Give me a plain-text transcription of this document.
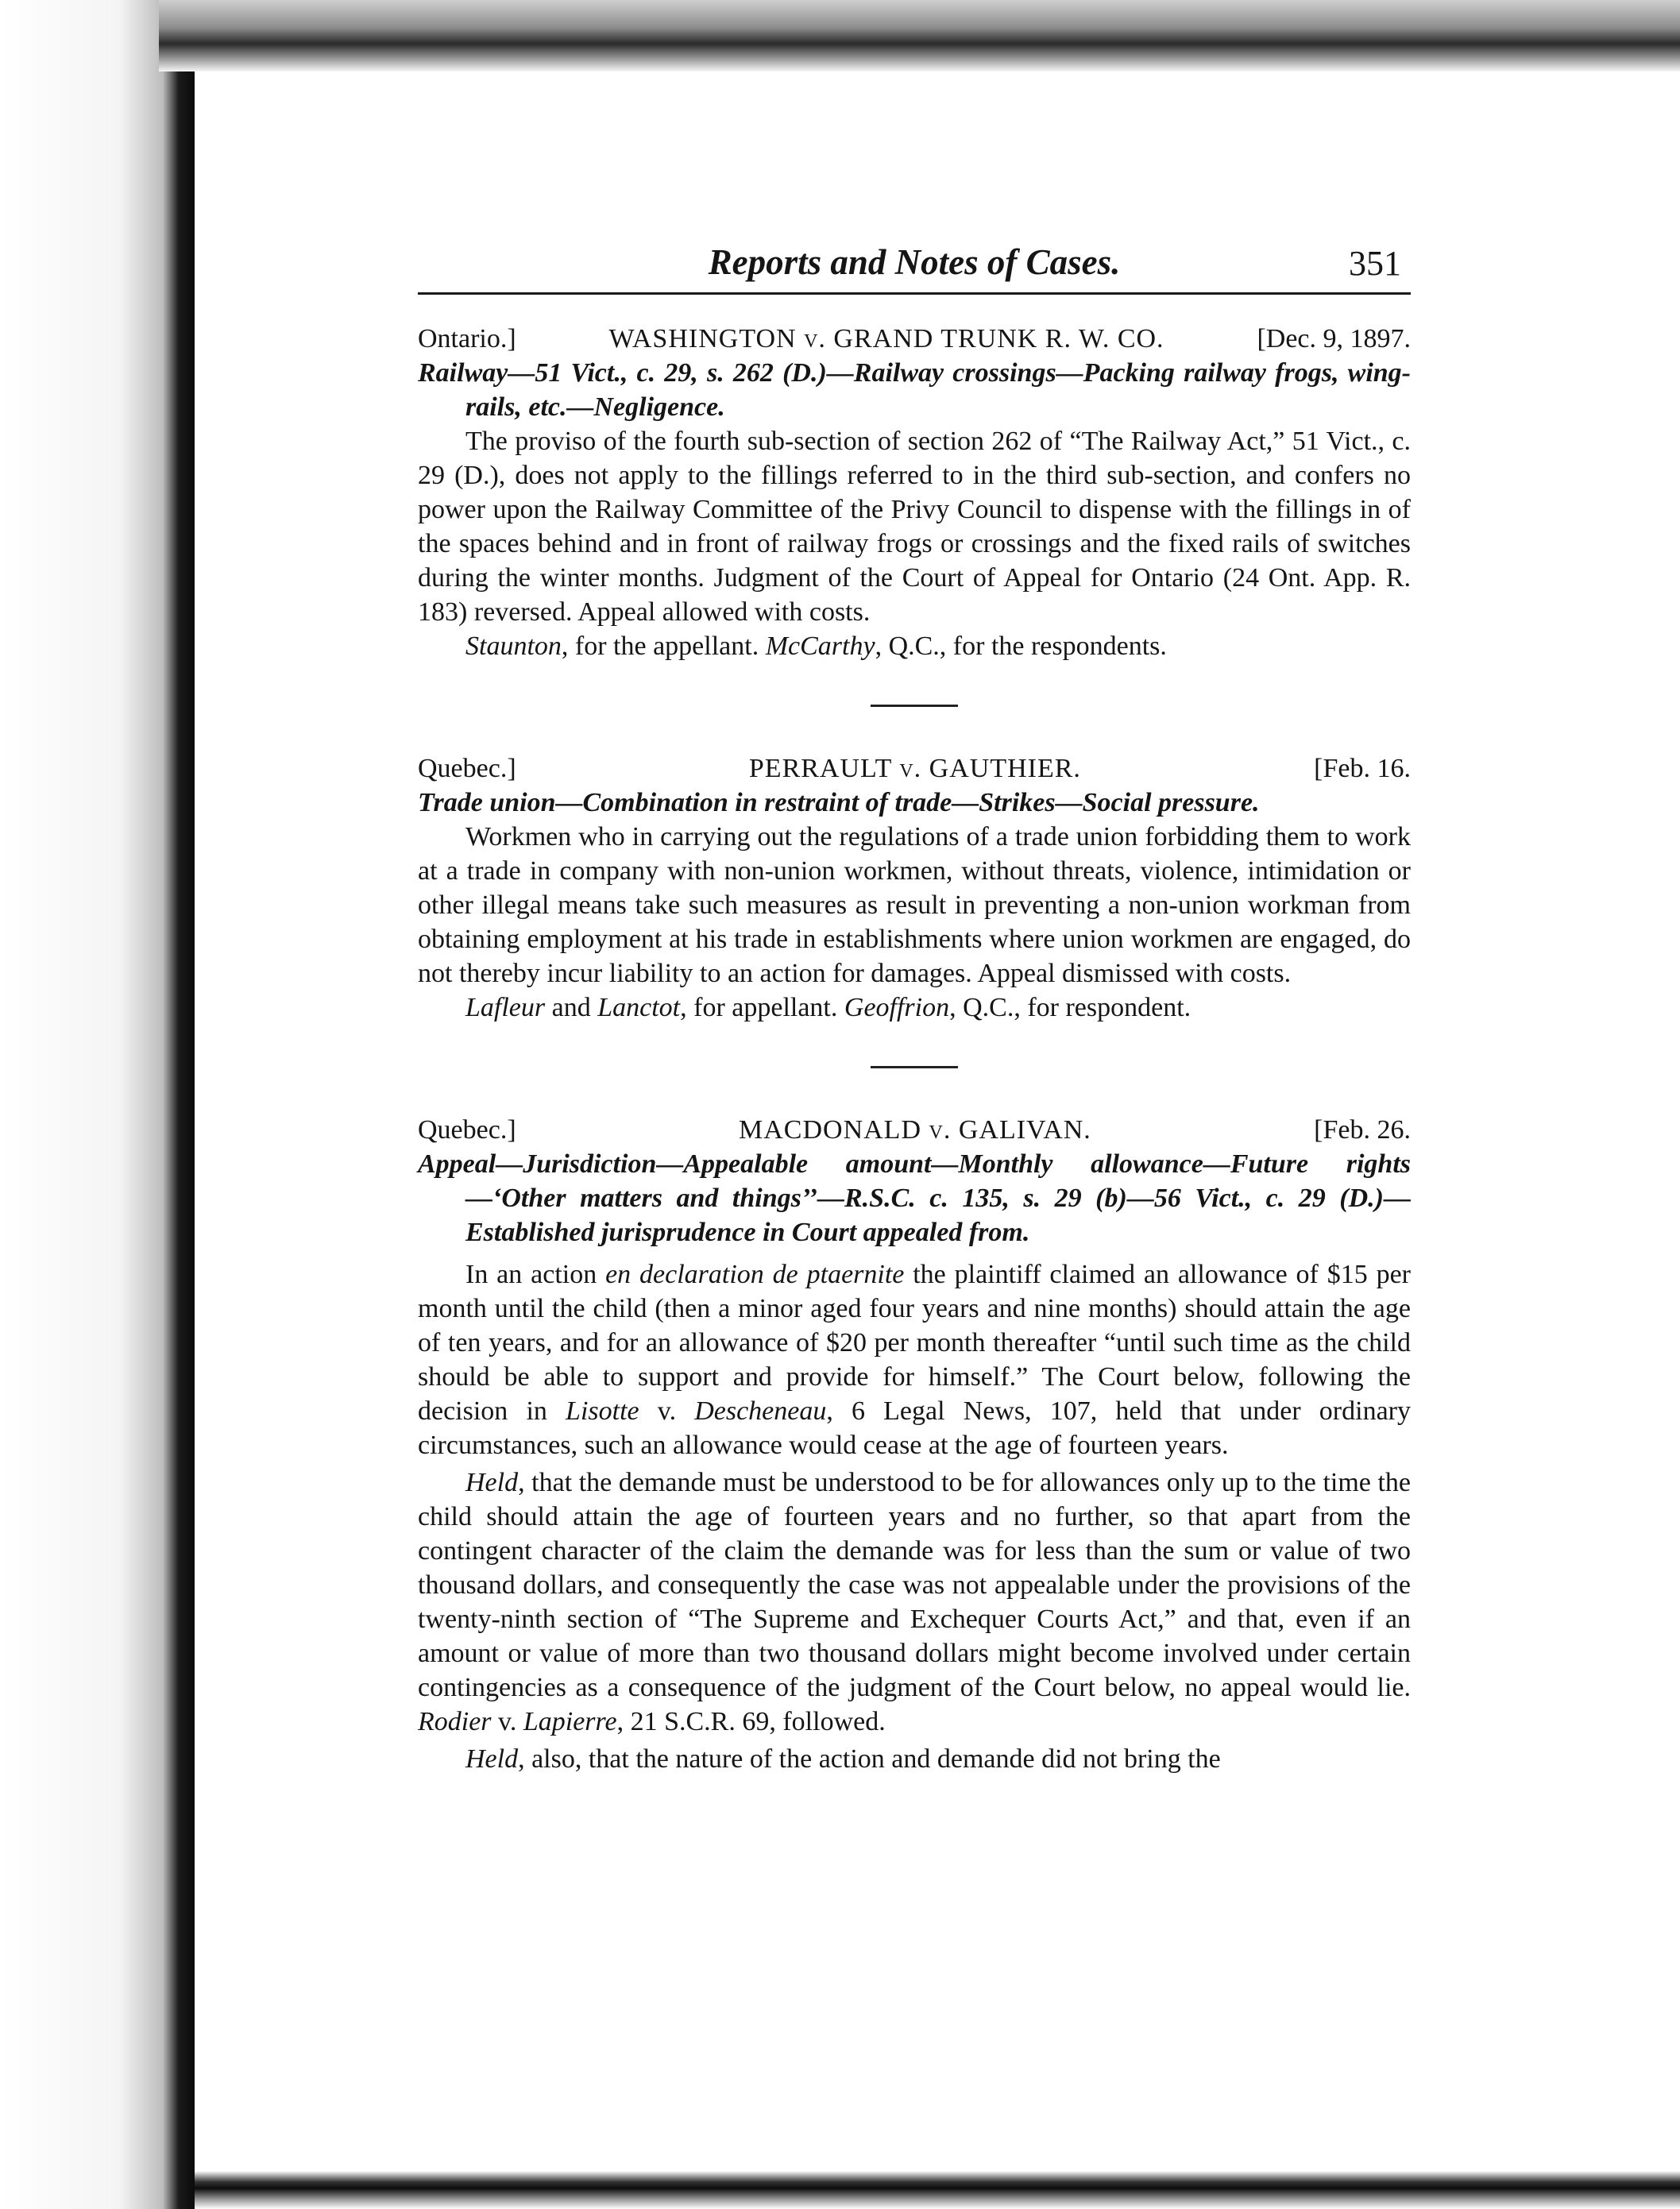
Reports and Notes of Cases.	351
Ontario.]	WASHINGTON v. GRAND TRUNK R. W. CO.	[Dec. 9, 1897.

Railway—51 Vict., c. 29, s. 262 (D.)—Railway crossings—Packing railway frogs, wing-rails, etc.—Negligence.

The proviso of the fourth sub-section of section 262 of “The Railway Act,” 51 Vict., c. 29 (D.), does not apply to the fillings referred to in the third sub-section, and confers no power upon the Railway Committee of the Privy Council to dispense with the fillings in of the spaces behind and in front of railway frogs or crossings and the fixed rails of switches during the winter months. Judgment of the Court of Appeal for Ontario (24 Ont. App. R. 183) reversed. Appeal allowed with costs.

Staunton, for the appellant. McCarthy, Q.C., for the respondents.

Quebec.]	PERRAULT v. GAUTHIER.	[Feb. 16.

Trade union—Combination in restraint of trade—Strikes—Social pressure.

Workmen who in carrying out the regulations of a trade union forbidding them to work at a trade in company with non-union workmen, without threats, violence, intimidation or other illegal means take such measures as result in preventing a non-union workman from obtaining employment at his trade in establishments where union workmen are engaged, do not thereby incur liability to an action for damages. Appeal dismissed with costs.

Lafleur and Lanctot, for appellant. Geoffrion, Q.C., for respondent.

Quebec.]	MACDONALD v. GALIVAN.	[Feb. 26.

Appeal—Jurisdiction—Appealable amount—Monthly allowance—Future rights—‘Other matters and things’’—R.S.C. c. 135, s. 29 (b)—56 Vict., c. 29 (D.)—Established jurisprudence in Court appealed from.

In an action en declaration de ptaernite the plaintiff claimed an allowance of $15 per month until the child (then a minor aged four years and nine months) should attain the age of ten years, and for an allowance of $20 per month thereafter “until such time as the child should be able to support and provide for himself.” The Court below, following the decision in Lisotte v. Descheneau, 6 Legal News, 107, held that under ordinary circumstances, such an allowance would cease at the age of fourteen years.

Held, that the demande must be understood to be for allowances only up to the time the child should attain the age of fourteen years and no further, so that apart from the contingent character of the claim the demande was for less than the sum or value of two thousand dollars, and consequently the case was not appealable under the provisions of the twenty-ninth section of “The Supreme and Exchequer Courts Act,” and that, even if an amount or value of more than two thousand dollars might become involved under certain contingencies as a consequence of the judgment of the Court below, no appeal would lie. Rodier v. Lapierre, 21 S.C.R. 69, followed.

Held, also, that the nature of the action and demande did not bring the
